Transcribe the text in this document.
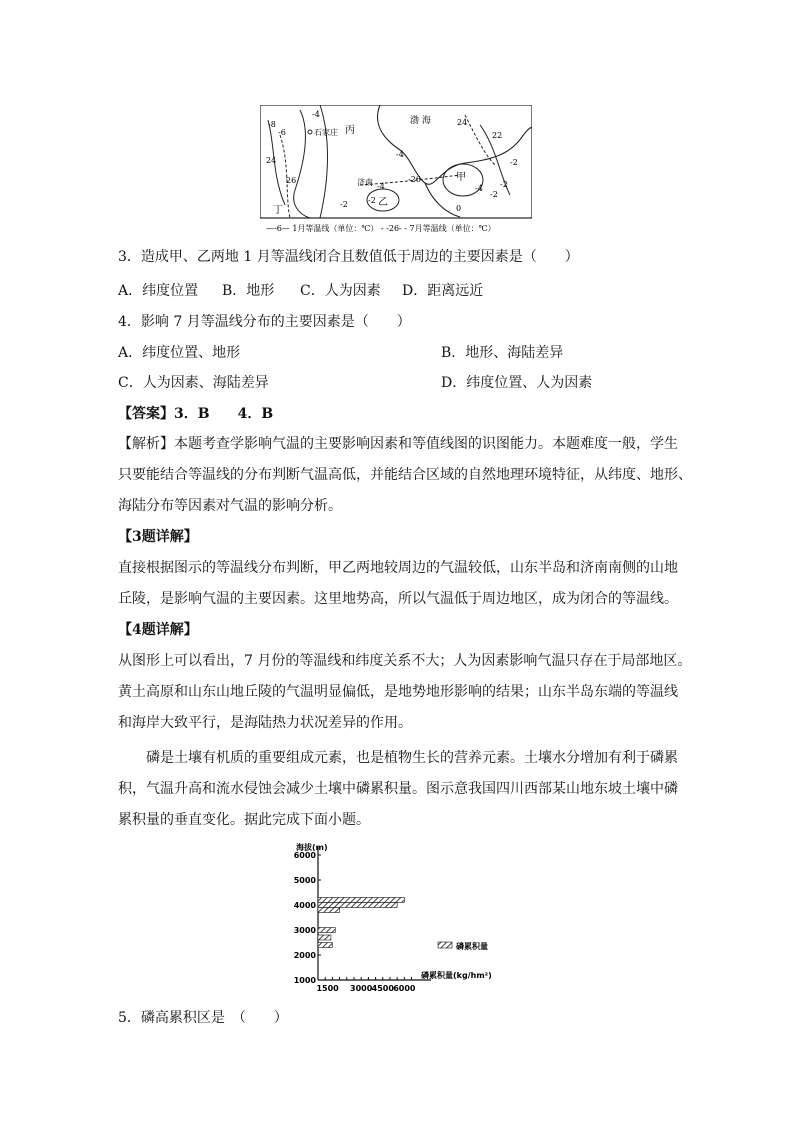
渤 海
丙
石家庄
济南	甲
乙
丁
-4
-8
-6
24
26
-2
24
22
-4
-2
-26
-4
-2
-4 -2
-2
0
—-6— 1月等温线（单位：℃） - -26- - 7月等温线（单位：℃）
3．造成甲、乙两地 1 月等温线闭合且数值低于周边的主要因素是（　　）
A．纬度位置 B．地形 C．人为因素 D．距离远近
4．影响 7 月等温线分布的主要因素是（　　）
A．纬度位置、地形	B．地形、海陆差异
C．人为因素、海陆差异	D．纬度位置、人为因素
【答案】3．B　　4．B
【解析】本题考查学影响气温的主要影响因素和等值线图的识图能力。本题难度一般，学生
只要能结合等温线的分布判断气温高低，并能结合区域的自然地理环境特征，从纬度、地形、
海陆分布等因素对气温的影响分析。
【3题详解】
直接根据图示的等温线分布判断，甲乙两地较周边的气温较低，山东半岛和济南南侧的山地
丘陵，是影响气温的主要因素。这里地势高，所以气温低于周边地区，成为闭合的等温线。
【4题详解】
从图形上可以看出，7 月份的等温线和纬度关系不大；人为因素影响气温只存在于局部地区。
黄土高原和山东山地丘陵的气温明显偏低，是地势地形影响的结果；山东半岛东端的等温线
和海岸大致平行，是海陆热力状况差异的作用。
磷是土壤有机质的重要组成元素，也是植物生长的营养元素。土壤水分增加有利于磷累
积，气温升高和流水侵蚀会减少土壤中磷累积量。图示意我国四川西部某山地东坡土壤中磷
累积量的垂直变化。据此完成下面小题。
海拔(m)
6000
5000
4000
3000
2000
1000
1500 3000 4500 6000
磷累积量
磷累积量(kg/hm²)
5．磷高累积区是　（　　）
